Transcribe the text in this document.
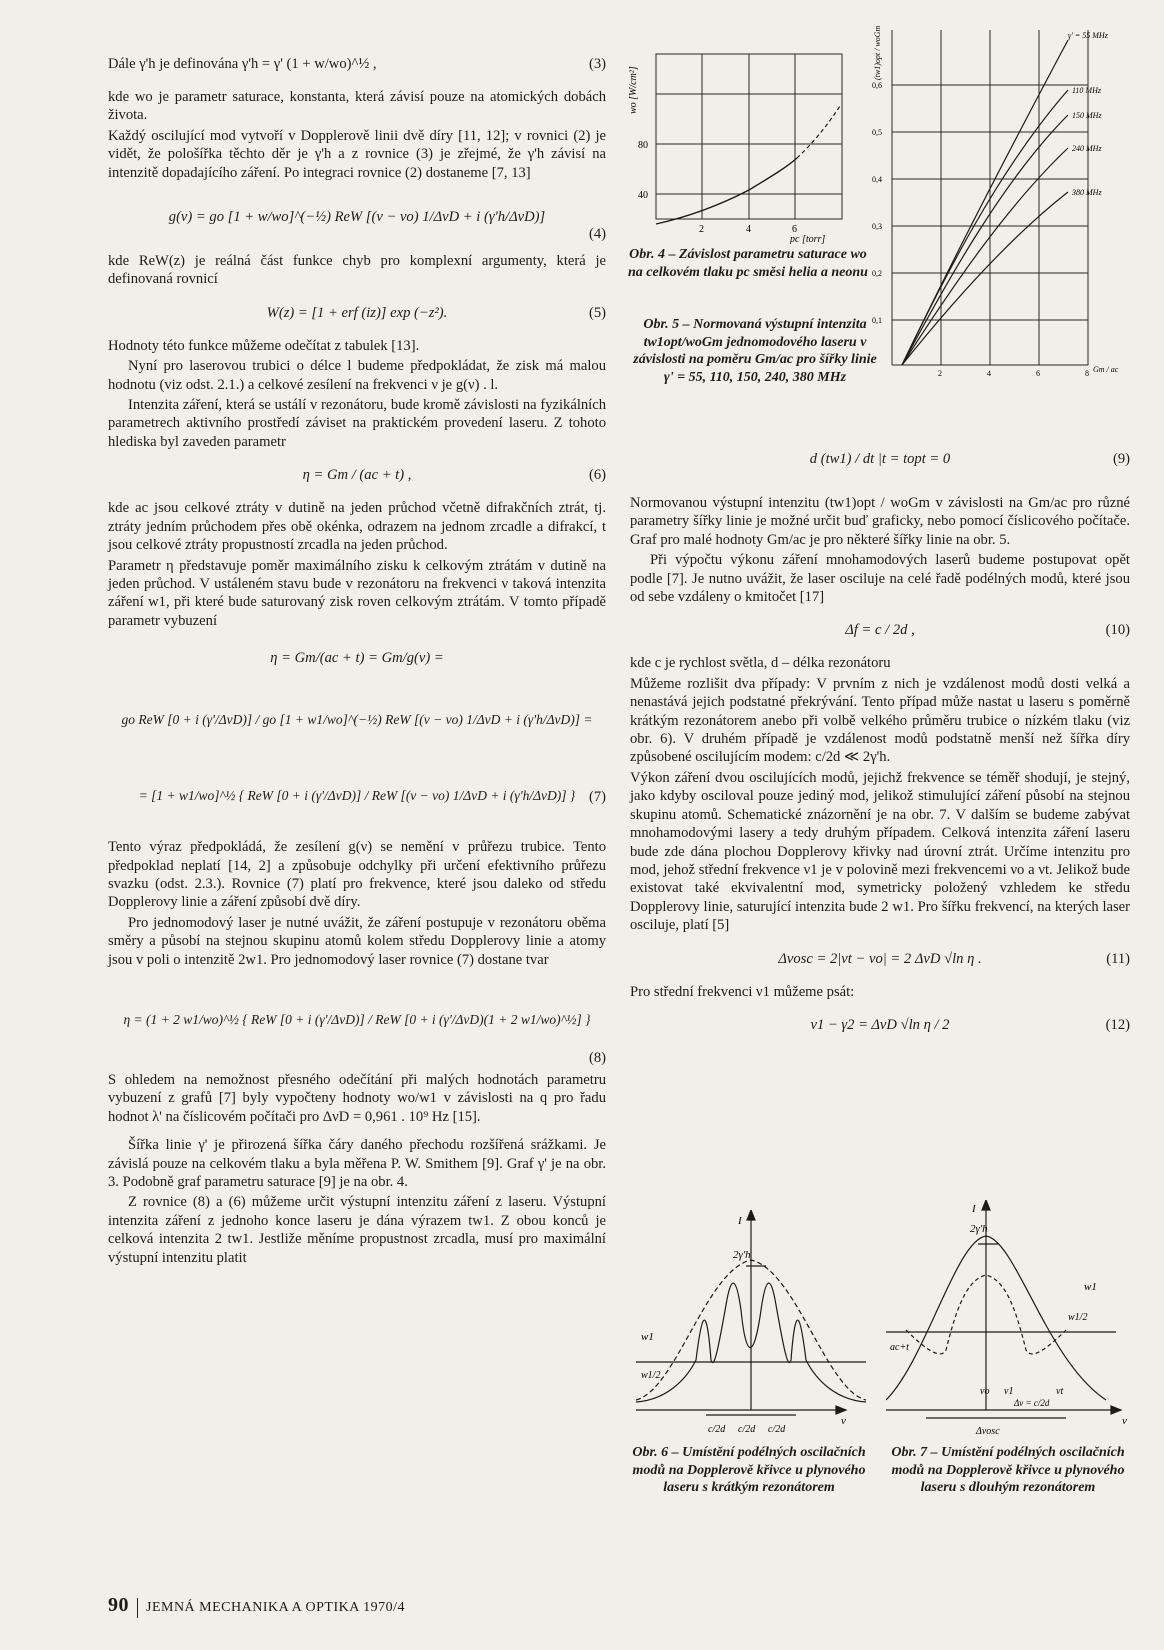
Dále γ'h je definována γ'h = γ' (1 + w/wo)^½ ,	(3)

kde wo je parametr saturace, konstanta, která závisí pouze na atomických dobách života.

Každý oscilující mod vytvoří v Dopplerově linii dvě díry [11, 12]; v rovnici (2) je vidět, že pološířka těchto děr je γ'h a z rovnice (3) je zřejmé, že γ'h závisí na intenzitě dopadajícího záření. Po integraci rovnice (2) dostaneme [7, 13]

g(ν) = go [1 + w/wo]^(−½) ReW [(ν − νo) 1/ΔνD + i (γ'h/ΔνD)]
(4)

kde ReW(z) je reálná část funkce chyb pro komplexní argumenty, která je definovaná rovnicí

W(z) = [1 + erf (iz)] exp (−z²).	(5)

Hodnoty této funkce můžeme odečítat z tabulek [13].

Nyní pro laserovou trubici o délce l budeme předpokládat, že zisk má malou hodnotu (viz odst. 2.1.) a celkové zesílení na frekvenci ν je g(ν) . l.

Intenzita záření, která se ustálí v rezonátoru, bude kromě závislosti na fyzikálních parametrech aktivního prostředí záviset na praktickém provedení laseru. Z tohoto hlediska byl zaveden parametr

η = Gm / (ac + t) ,	(6)

kde ac jsou celkové ztráty v dutině na jeden průchod včetně difrakčních ztrát, tj. ztráty jedním průchodem přes obě okénka, odrazem na jednom zrcadle a difrakcí, t jsou celkové ztráty propustností zrcadla na jeden průchod.

Parametr η představuje poměr maximálního zisku k celkovým ztrátám v dutině na jeden průchod. V ustáleném stavu bude v rezonátoru na frekvenci ν taková intenzita záření w1, při které bude saturovaný zisk roven celkovým ztrátám. V tomto případě parametr vybuzení

η = Gm/(ac + t) = Gm/g(ν) =
go ReW [0 + i (γ'/ΔνD)] / go [1 + w1/wo]^(−½) ReW [(ν − νo) 1/ΔνD + i (γ'h/ΔνD)] =
= [1 + w1/wo]^½ { ReW [0 + i (γ'/ΔνD)] / ReW [(ν − νo) 1/ΔνD + i (γ'h/ΔνD)] } (7)

Tento výraz předpokládá, že zesílení g(ν) se nemění v průřezu trubice. Tento předpoklad neplatí [14, 2] a způsobuje odchylky při určení efektivního průřezu svazku (odst. 2.3.). Rovnice (7) platí pro frekvence, které jsou daleko od středu Dopplerovy linie a záření způsobí dvě díry.

Pro jednomodový laser je nutné uvážit, že záření postupuje v rezonátoru oběma směry a působí na stejnou skupinu atomů kolem středu Dopplerovy linie a atomy jsou v poli o intenzitě 2w1. Pro jednomodový laser rovnice (7) dostane tvar

η = (1 + 2 w1/wo)^½ { ReW [0 + i (γ'/ΔνD)] / ReW [0 + i (γ'/ΔνD)(1 + 2 w1/wo)^½] }
(8)

S ohledem na nemožnost přesného odečítání při malých hodnotách parametru vybuzení z grafů [7] byly vypočteny hodnoty wo/w1 v závislosti na q pro řadu hodnot λ' na číslicovém počítači pro ΔνD = 0,961 . 10⁹ Hz [15].

Šířka linie γ' je přirozená šířka čáry daného přechodu rozšířená srážkami. Je závislá pouze na celkovém tlaku a byla měřena P. W. Smithem [9]. Graf γ' je na obr. 3. Podobně graf parametru saturace [9] je na obr. 4.

Z rovnice (8) a (6) můžeme určit výstupní intenzitu záření z laseru. Výstupní intenzita záření z jednoho konce laseru je dána výrazem tw1. Z obou konců je celková intenzita 2 tw1. Jestliže měníme propustnost zrcadla, musí pro maximální výstupní intenzitu platit

wo [W/cm²]
80
40
2	4	6
pc [torr]
Obr. 4 – Závislost parametru saturace wo na celkovém tlaku pc směsi helia a neonu
γ' = 55 MHz
110 MHz
150 MHz
240 MHz
380 MHz
(tw1)opt / woGm
0,6
0,5
0,4
0,3
0,2
0,1
2	4	6	8 Gm / ac
Obr. 5 – Normovaná výstupní intenzita tw1opt/woGm jednomodového laseru v závislosti na poměru Gm/ac pro šířky linie γ' = 55, 110, 150, 240, 380 MHz
d (tw1) / dt |t = topt = 0	(9)

Normovanou výstupní intenzitu (tw1)opt / woGm v závislosti na Gm/ac pro různé parametry šířky linie je možné určit buď graficky, nebo pomocí číslicového počítače. Graf pro malé hodnoty Gm/ac je pro některé šířky linie na obr. 5.

Při výpočtu výkonu záření mnohamodových laserů budeme postupovat opět podle [7]. Je nutno uvážit, že laser osciluje na celé řadě podélných modů, které jsou od sebe vzdáleny o kmitočet [17]

Δf = c / 2d ,	(10)

kde c je rychlost světla, d – délka rezonátoru

Můžeme rozlišit dva případy: V prvním z nich je vzdálenost modů dosti velká a nenastává jejich podstatné překrývání. Tento případ může nastat u laseru s poměrně krátkým rezonátorem anebo při volbě velkého průměru trubice o nízkém tlaku (viz obr. 6). V druhém případě je vzdálenost modů podstatně menší než šířka díry způsobené oscilujícím modem: c/2d ≪ 2γ'h.

Výkon záření dvou oscilujících modů, jejichž frekvence se téměř shodují, je stejný, jako kdyby osciloval pouze jediný mod, jelikož stimulující záření působí na stejnou skupinu atomů. Schematické znázornění je na obr. 7. V dalším se budeme zabývat mnohamodovými lasery a tedy druhým případem. Celková intenzita záření laseru bude zde dána plochou Dopplerovy křivky nad úrovní ztrát. Určíme intenzitu pro mod, jehož střední frekvence ν1 je v polovině mezi frekvencemi νo a νt. Jelikož bude existovat také ekvivalentní mod, symetricky položený vzhledem ke středu Dopplerovy linie, saturující intenzita bude 2 w1. Pro šířku frekvencí, na kterých laser osciluje, platí [5]

Δνosc = 2|νt − νo| = 2 ΔνD √ln η .	(11)

Pro střední frekvenci ν1 můžeme psát:

ν1 − γ2 = ΔνD √ln η / 2	(12)
I
2γ'h
w1
w1/2
ν
c/2d c/2d c/2d
Obr. 6 – Umístění podélných oscilačních modů na Dopplerově křivce u plynového laseru s krátkým rezonátorem
I
2γ'h
w1
w1/2
ac+t
νo ν1
Δν = c/2d
νt
ν
Δνosc
Obr. 7 – Umístění podélných oscilačních modů na Dopplerově křivce u plynového laseru s dlouhým rezonátorem
90 JEMNÁ MECHANIKA A OPTIKA 1970/4
